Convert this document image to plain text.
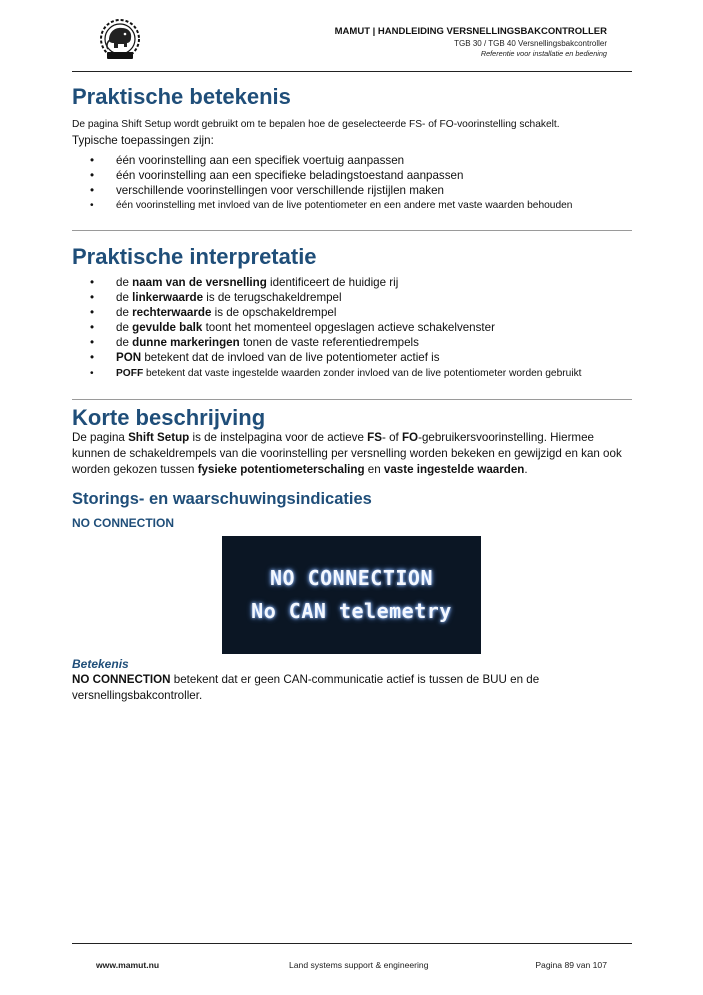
MAMUT | HANDLEIDING VERSNELLINGSBAKCONTROLLER
TGB 30 / TGB 40 Versnellingsbakcontroller
Referentie voor installatie en bediening
Praktische betekenis
De pagina Shift Setup wordt gebruikt om te bepalen hoe de geselecteerde FS- of FO-voorinstelling schakelt.
Typische toepassingen zijn:
• één voorinstelling aan een specifiek voertuig aanpassen
• één voorinstelling aan een specifieke beladingstoestand aanpassen
• verschillende voorinstellingen voor verschillende rijstijlen maken
• één voorinstelling met invloed van de live potentiometer en een andere met vaste waarden behouden
Praktische interpretatie
• de naam van de versnelling identificeert de huidige rij
• de linkerwaarde is de terugschakeldrempel
• de rechterwaarde is de opschakeldrempel
• de gevulde balk toont het momenteel opgeslagen actieve schakelvenster
• de dunne markeringen tonen de vaste referentiedrempels
• PON betekent dat de invloed van de live potentiometer actief is
• POFF betekent dat vaste ingestelde waarden zonder invloed van de live potentiometer worden gebruikt
Korte beschrijving
De pagina Shift Setup is de instelpagina voor de actieve FS- of FO-gebruikersvoorinstelling. Hiermee kunnen de schakeldrempels van die voorinstelling per versnelling worden bekeken en gewijzigd en kan ook worden gekozen tussen fysieke potentiometerschaling en vaste ingestelde waarden.
Storings- en waarschuwingsindicaties
NO CONNECTION
NO CONNECTION
No CAN telemetry
Betekenis
NO CONNECTION betekent dat er geen CAN-communicatie actief is tussen de BUU en de versnellingsbakcontroller.
www.mamut.nu	Land systems support & engineering	Pagina 89 van 107
